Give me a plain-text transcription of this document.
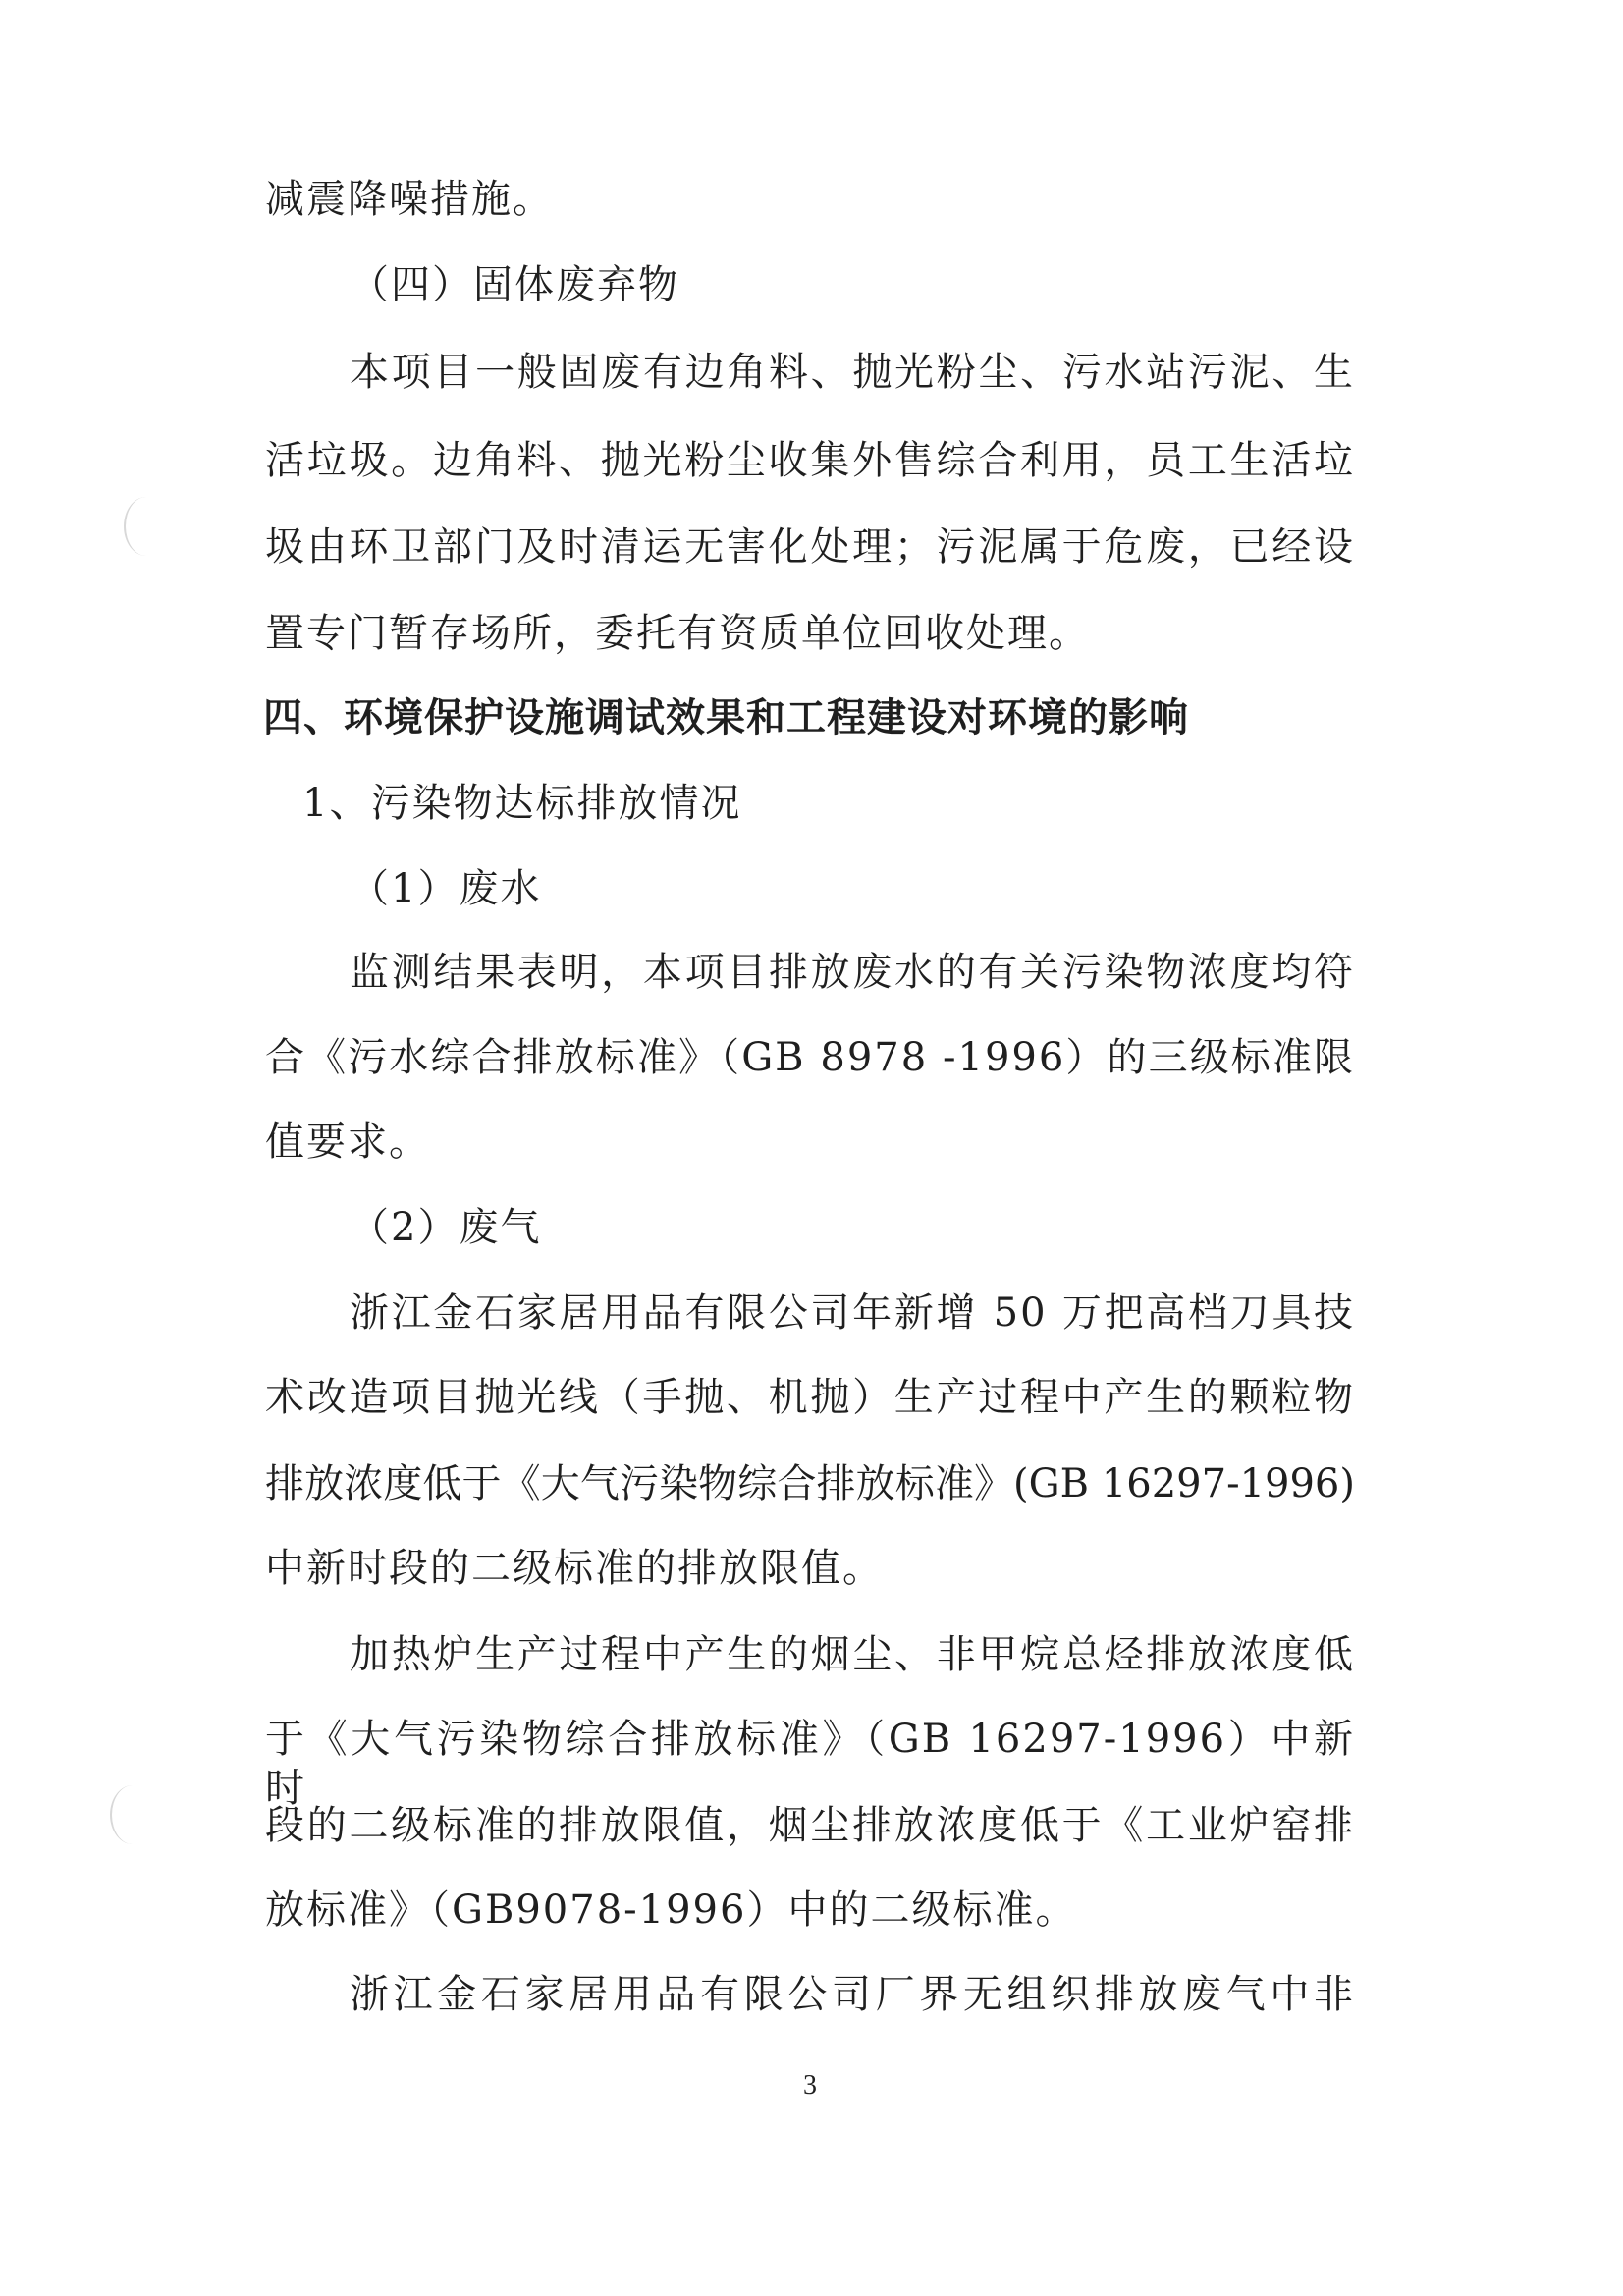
减震降噪措施。
（四）固体废弃物
本项目一般固废有边角料、抛光粉尘、污水站污泥、生
活垃圾。边角料、抛光粉尘收集外售综合利用，员工生活垃
圾由环卫部门及时清运无害化处理；污泥属于危废，已经设
置专门暂存场所，委托有资质单位回收处理。
四、环境保护设施调试效果和工程建设对环境的影响
1、污染物达标排放情况
（1）废水
监测结果表明，本项目排放废水的有关污染物浓度均符
合《污水综合排放标准》（GB 8978 -1996）的三级标准限
值要求。
（2）废气
浙江金石家居用品有限公司年新增 50 万把高档刀具技
术改造项目抛光线（手抛、机抛）生产过程中产生的颗粒物
排放浓度低于《大气污染物综合排放标准》(GB 16297-1996)
中新时段的二级标准的排放限值。
加热炉生产过程中产生的烟尘、非甲烷总烃排放浓度低
于《大气污染物综合排放标准》（GB 16297-1996）中新时
段的二级标准的排放限值，烟尘排放浓度低于《工业炉窑排
放标准》（GB9078-1996）中的二级标准。
浙江金石家居用品有限公司厂界无组织排放废气中非
3
